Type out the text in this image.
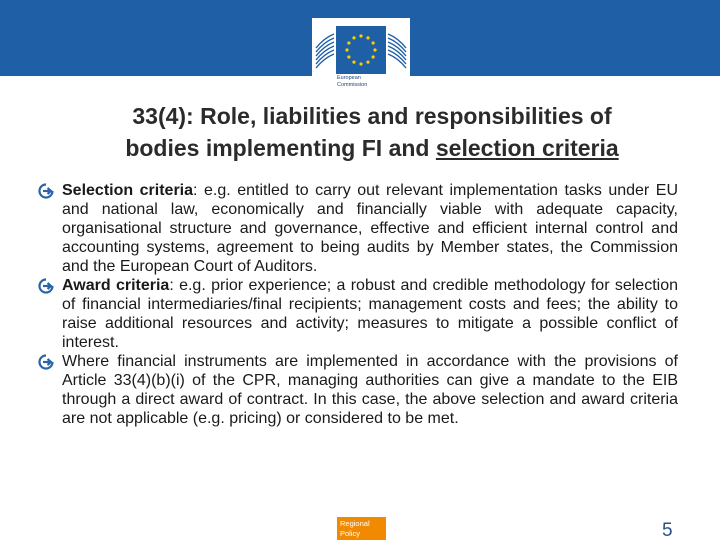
European
Commission
33(4): Role, liabilities and responsibilities of
bodies implementing FI and selection criteria
Selection criteria: e.g. entitled to carry out relevant implementation tasks under EU and national law, economically and financially viable with adequate capacity, organisational structure and governance, effective and efficient internal control and accounting systems, agreement to being audits by Member states, the Commission and the European Court of Auditors.
Award criteria: e.g. prior experience; a robust and credible methodology for selection of financial intermediaries/final recipients; management costs and fees; the ability to raise additional resources and activity; measures to mitigate a possible conflict of interest.
Where financial instruments are implemented in accordance with the provisions of Article 33(4)(b)(i) of the CPR, managing authorities can give a mandate to the EIB through a direct award of contract. In this case, the above selection and award criteria are not applicable (e.g. pricing) or considered to be met.
Regional
Policy	5
